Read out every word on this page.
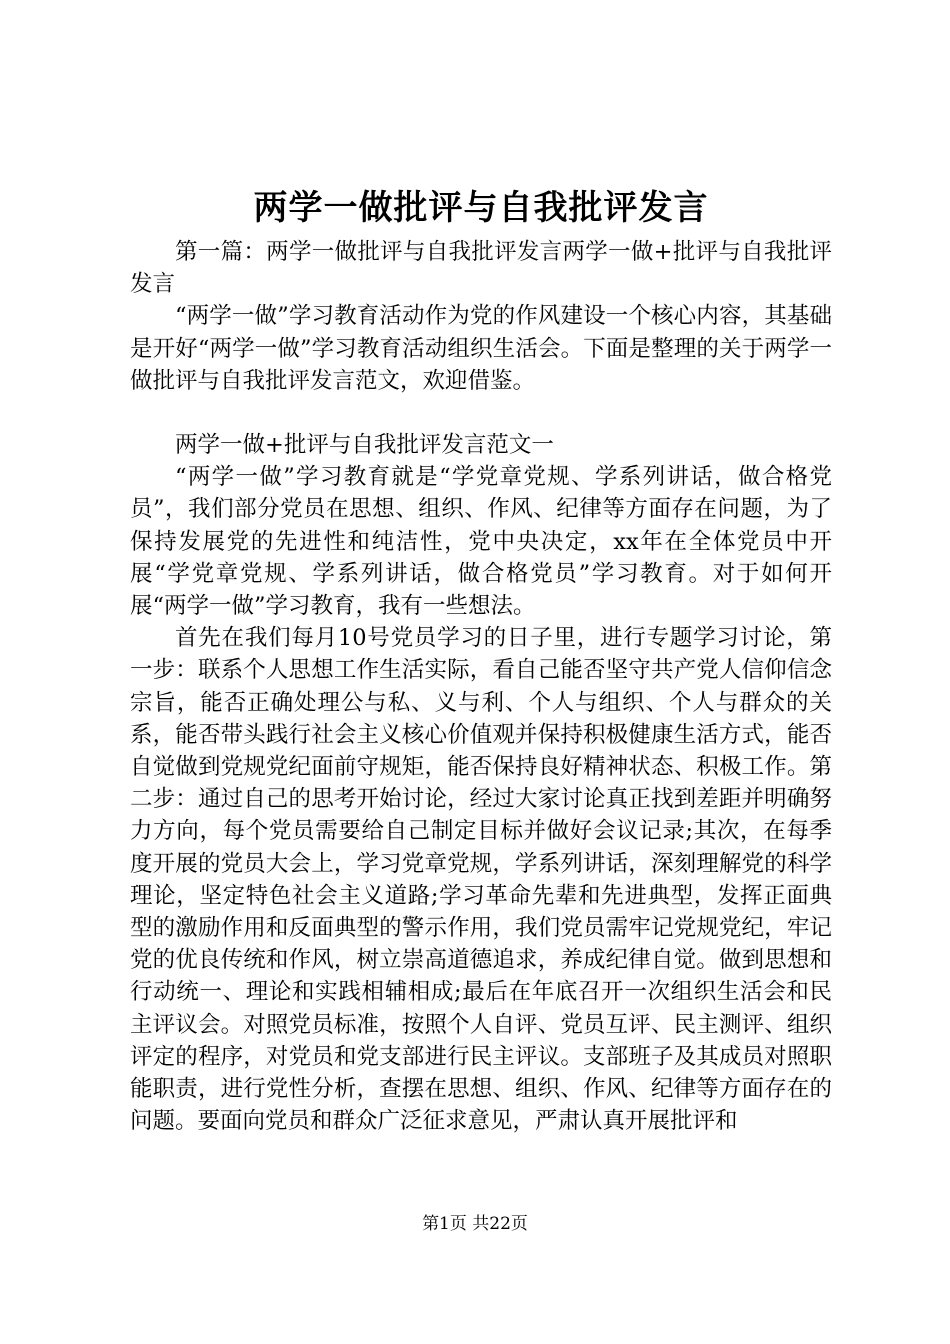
两学一做批评与自我批评发言

第一篇：两学一做批评与自我批评发言两学一做+批评与自我批评发言

“两学一做”学习教育活动作为党的作风建设一个核心内容，其基础是开好“两学一做”学习教育活动组织生活会。下面是整理的关于两学一做批评与自我批评发言范文，欢迎借鉴。

两学一做+批评与自我批评发言范文一

“两学一做”学习教育就是“学党章党规、学系列讲话，做合格党员”，我们部分党员在思想、组织、作风、纪律等方面存在问题，为了保持发展党的先进性和纯洁性，党中央决定，xx年在全体党员中开展“学党章党规、学系列讲话，做合格党员”学习教育。对于如何开展“两学一做”学习教育，我有一些想法。

首先在我们每月10号党员学习的日子里，进行专题学习讨论，第一步：联系个人思想工作生活实际，看自己能否坚守共产党人信仰信念宗旨，能否正确处理公与私、义与利、个人与组织、个人与群众的关系，能否带头践行社会主义核心价值观并保持积极健康生活方式，能否自觉做到党规党纪面前守规矩，能否保持良好精神状态、积极工作。第二步：通过自己的思考开始讨论，经过大家讨论真正找到差距并明确努力方向，每个党员需要给自己制定目标并做好会议记录;其次，在每季度开展的党员大会上，学习党章党规，学系列讲话，深刻理解党的科学理论，坚定特色社会主义道路;学习革命先辈和先进典型，发挥正面典型的激励作用和反面典型的警示作用，我们党员需牢记党规党纪，牢记党的优良传统和作风，树立崇高道德追求，养成纪律自觉。做到思想和行动统一、理论和实践相辅相成;最后在年底召开一次组织生活会和民主评议会。对照党员标准，按照个人自评、党员互评、民主测评、组织评定的程序，对党员和党支部进行民主评议。支部班子及其成员对照职能职责，进行党性分析，查摆在思想、组织、作风、纪律等方面存在的问题。要面向党员和群众广泛征求意见，严肃认真开展批评和

第1页 共22页
